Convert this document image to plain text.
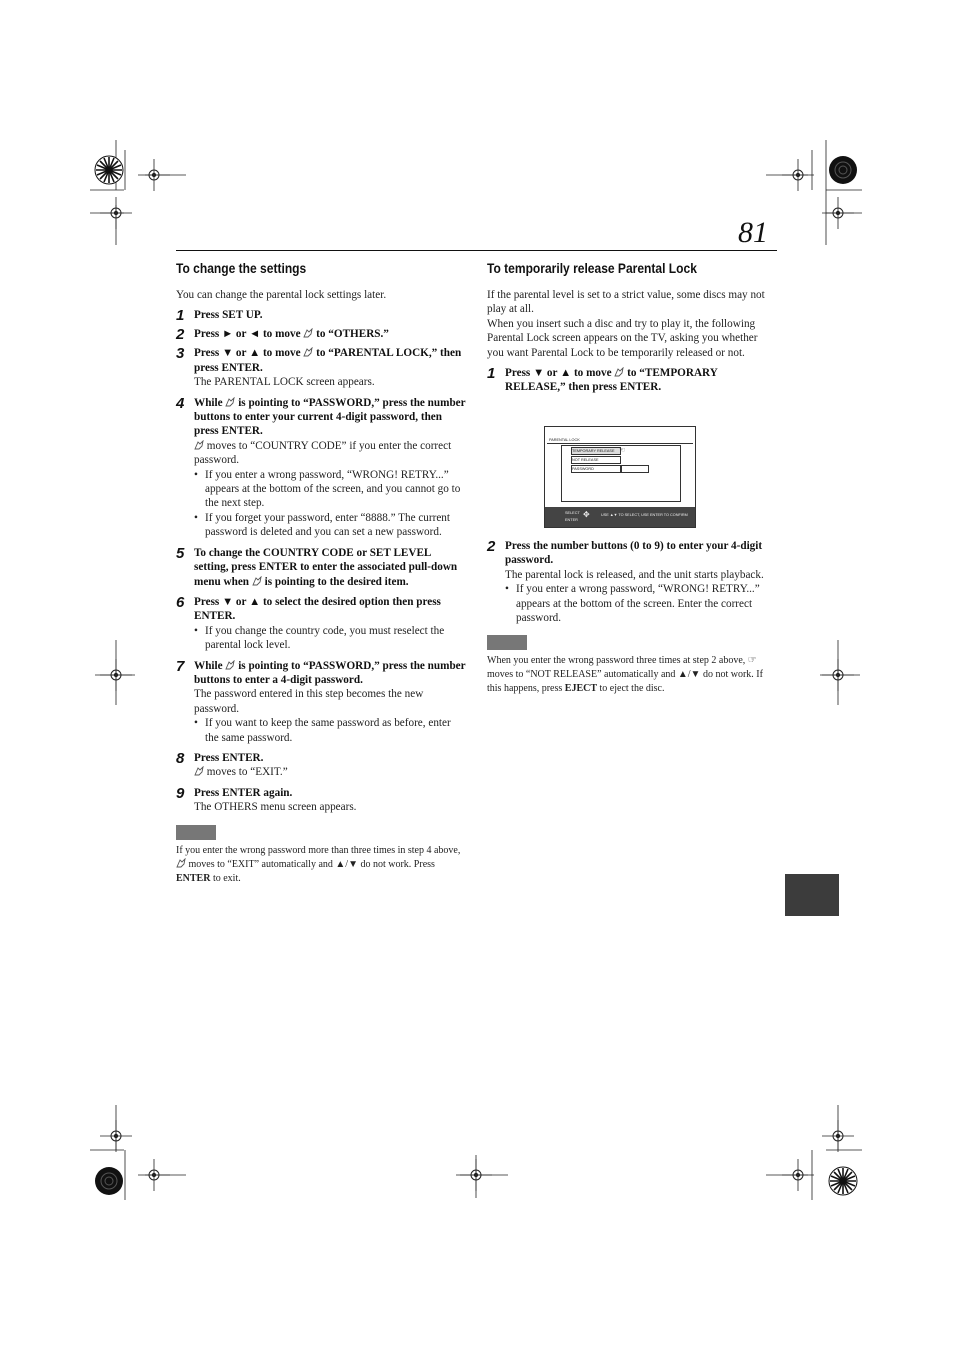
81
To change the settings
You can change the parental lock settings later.
1 Press SET UP.
2 Press ► or ◄ to move to “OTHERS.”
3 Press ▼ or ▲ to move to “PARENTAL LOCK,” then press ENTER.
The PARENTAL LOCK screen appears.
4 While is pointing to “PASSWORD,” press the number buttons to enter your current 4-digit password, then press ENTER.
moves to “COUNTRY CODE” if you enter the correct password.
• If you enter a wrong password, “WRONG! RETRY...” appears at the bottom of the screen, and you cannot go to the next step.
• If you forget your password, enter “8888.” The current password is deleted and you can set a new password.
5 To change the COUNTRY CODE or SET LEVEL setting, press ENTER to enter the associated pull-down menu when is pointing to the desired item.
6 Press ▼ or ▲ to select the desired option then press ENTER.
• If you change the country code, you must reselect the parental lock level.
7 While is pointing to “PASSWORD,” press the number buttons to enter a 4-digit password.
The password entered in this step becomes the new password.
• If you want to keep the same password as before, enter the same password.
8 Press ENTER.
moves to “EXIT.”
9 Press ENTER again.
The OTHERS menu screen appears.
If you enter the wrong password more than three times in step 4 above,  moves to “EXIT” automatically and ▲/▼ do not work. Press ENTER to exit.
To temporarily release Parental Lock
If the parental level is set to a strict value, some discs may not play at all.
When you insert such a disc and try to play it, the following Parental Lock screen appears on the TV, asking you whether you want Parental Lock to be temporarily released or not.
1 Press ▼ or ▲ to move to “TEMPORARY RELEASE,” then press ENTER.
PARENTAL LOCK
TEMPORARY RELEASE ☜
NOT RELEASE
PASSWORD
SELECT
ENTER
✥	USE ▲▼ TO SELECT, USE ENTER TO CONFIRM
2 Press the number buttons (0 to 9) to enter your 4-digit password.
The parental lock is released, and the unit starts playback.
• If you enter a wrong password, “WRONG! RETRY...” appears at the bottom of the screen. Enter the correct password.
When you enter the wrong password three times at step 2 above, ☞ moves to “NOT RELEASE” automatically and ▲/▼ do not work. If this happens, press EJECT to eject the disc.
